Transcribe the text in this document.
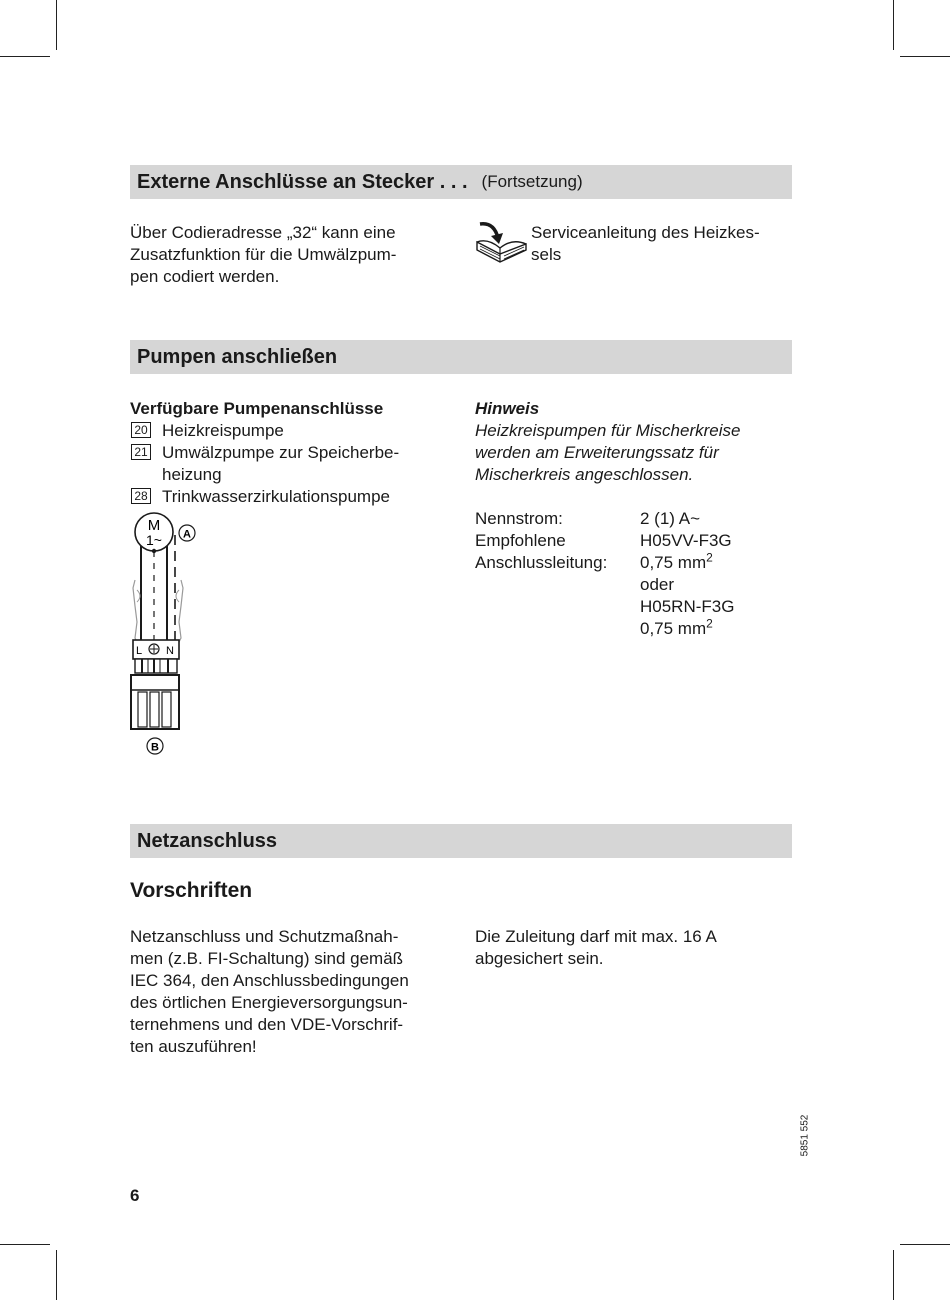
Externe Anschlüsse an Stecker . . . (Fortsetzung)

Über Codieradresse „32“ kann eine

Zusatzfunktion für die Umwälzpum-

pen codiert werden.

Serviceanleitung des Heizkes-

sels

Pumpen anschließen
Verfügbare Pumpenanschlüsse
20 Heizkreispumpe
21 Umwälzpumpe zur Speicherbe-
heizung
28 Trinkwasserzirkulationspumpe
M
1~ A
L N
B
Hinweis
Heizkreispumpen für Mischerkreise
werden am Erweiterungssatz für
Mischerkreis angeschlossen.
Nennstrom:	2 (1) A~
Empfohlene	H05VV-F3G
Anschlussleitung:	0,75 $mm^2$
oder
H05RN-F3G
0,75 $mm^2$
Netzanschluss
Vorschriften

Netzanschluss und Schutzmaßnah-

men (z.B. FI-Schaltung) sind gemäß

IEC 364, den Anschlussbedingungen

des örtlichen Energieversorgungsun-

ternehmens und den VDE-Vorschrif-

ten auszuführen!

Die Zuleitung darf mit max. 16 A

abgesichert sein.

6
5851 552
